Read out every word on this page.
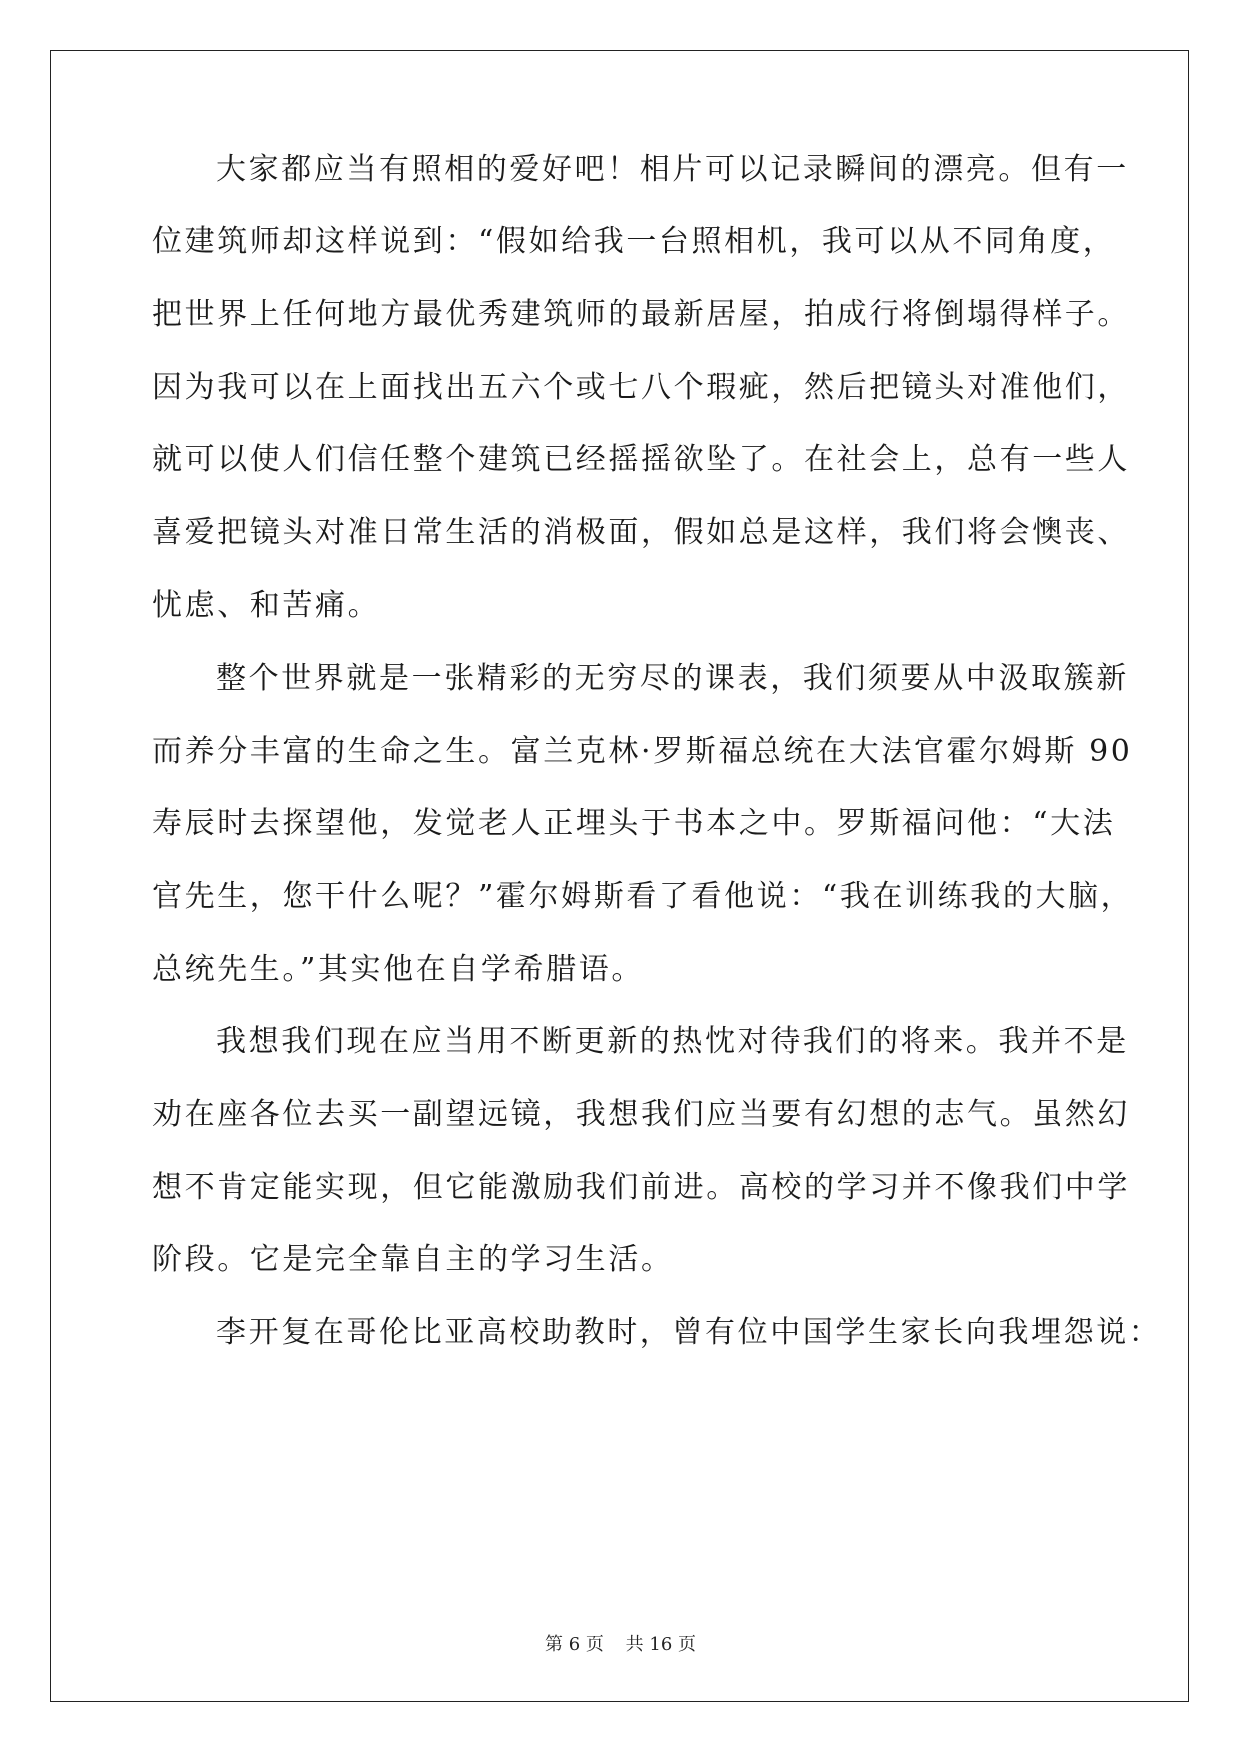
大家都应当有照相的爱好吧！相片可以记录瞬间的漂亮。但有一
位建筑师却这样说到：“假如给我一台照相机，我可以从不同角度，
把世界上任何地方最优秀建筑师的最新居屋，拍成行将倒塌得样子。
因为我可以在上面找出五六个或七八个瑕疵，然后把镜头对准他们，
就可以使人们信任整个建筑已经摇摇欲坠了。在社会上，总有一些人
喜爱把镜头对准日常生活的消极面，假如总是这样，我们将会懊丧、
忧虑、和苦痛。
整个世界就是一张精彩的无穷尽的课表，我们须要从中汲取簇新
而养分丰富的生命之生。富兰克林·罗斯福总统在大法官霍尔姆斯 90
寿辰时去探望他，发觉老人正埋头于书本之中。罗斯福问他：“大法
官先生，您干什么呢？”霍尔姆斯看了看他说：“我在训练我的大脑，
总统先生。”其实他在自学希腊语。
我想我们现在应当用不断更新的热忱对待我们的将来。我并不是
劝在座各位去买一副望远镜，我想我们应当要有幻想的志气。虽然幻
想不肯定能实现，但它能激励我们前进。高校的学习并不像我们中学
阶段。它是完全靠自主的学习生活。
李开复在哥伦比亚高校助教时，曾有位中国学生家长向我埋怨说：
第 6 页 共 16 页
